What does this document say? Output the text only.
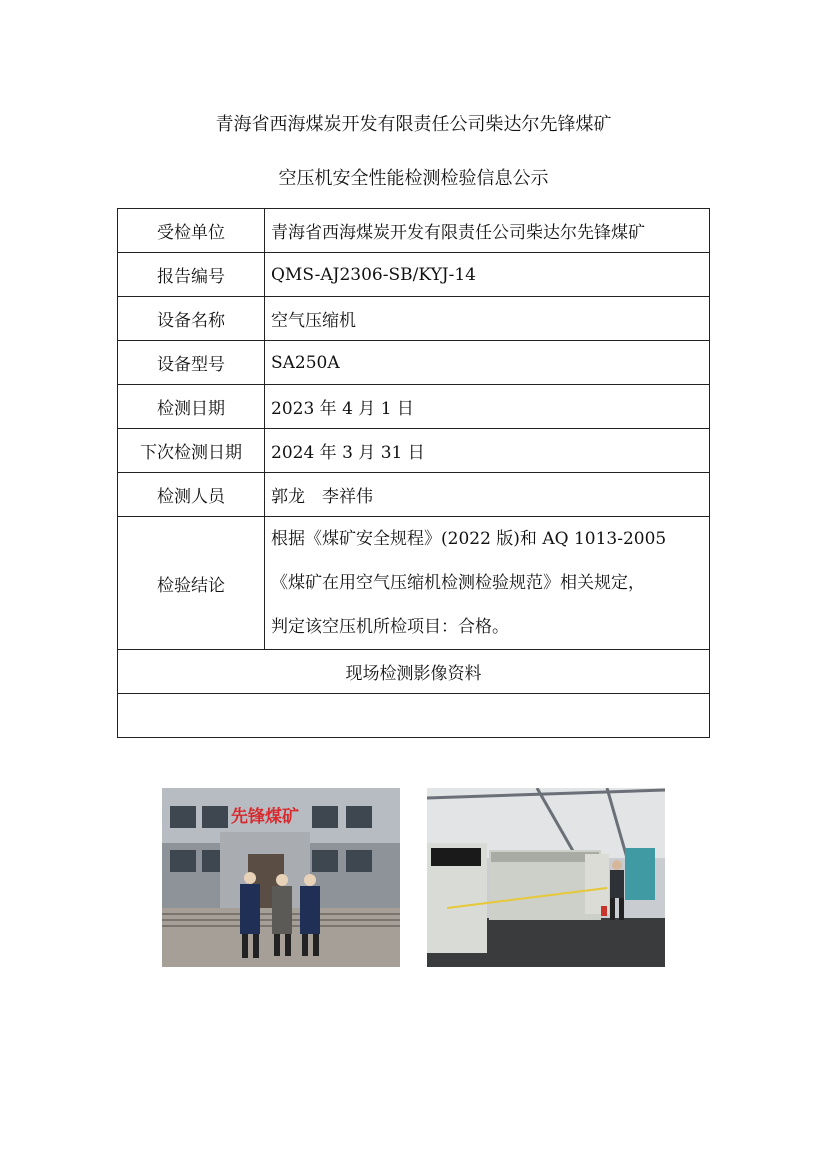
青海省西海煤炭开发有限责任公司柴达尔先锋煤矿
空压机安全性能检测检验信息公示
受检单位	青海省西海煤炭开发有限责任公司柴达尔先锋煤矿
报告编号	QMS-AJ2306-SB/KYJ-14
设备名称	空气压缩机
设备型号	SA250A
检测日期	2023 年 4 月 1 日
下次检测日期	2024 年 3 月 31 日
检测人员	郭龙　李祥伟
检验结论	根据《煤矿安全规程》(2022 版)和 AQ 1013-2005
《煤矿在用空气压缩机检测检验规范》相关规定，
判定该空压机所检项目：合格。

现场检测影像资料	

先锋煤矿	
